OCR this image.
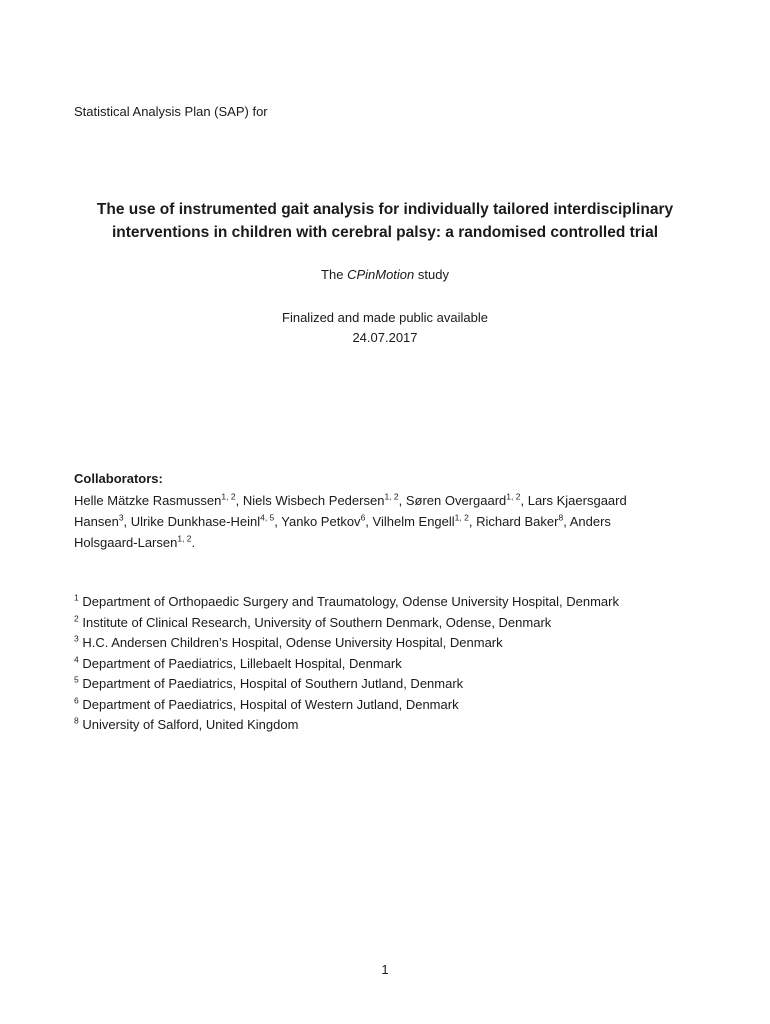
Statistical Analysis Plan (SAP) for
The use of instrumented gait analysis for individually tailored interdisciplinary
interventions in children with cerebral palsy: a randomised controlled trial
The CPinMotion study
Finalized and made public available
24.07.2017
Collaborators:
Helle Mätzke Rasmussen$^{1, 2}$, Niels Wisbech Pedersen$^{1, 2}$, Søren Overgaard$^{1, 2}$, Lars Kjaersgaard Hansen$^3$, Ulrike Dunkhase-Heinl$^{4, 5}$, Yanko Petkov$^6$, Vilhelm Engell$^{1, 2}$, Richard Baker$^8$, Anders Holsgaard-Larsen$^{1, 2}$.
$^1$ Department of Orthopaedic Surgery and Traumatology, Odense University Hospital, Denmark
$^2$ Institute of Clinical Research, University of Southern Denmark, Odense, Denmark
$^3$ H.C. Andersen Children’s Hospital, Odense University Hospital, Denmark
$^4$ Department of Paediatrics, Lillebaelt Hospital, Denmark
$^5$ Department of Paediatrics, Hospital of Southern Jutland, Denmark
$^6$ Department of Paediatrics, Hospital of Western Jutland, Denmark
$^8$ University of Salford, United Kingdom
1
